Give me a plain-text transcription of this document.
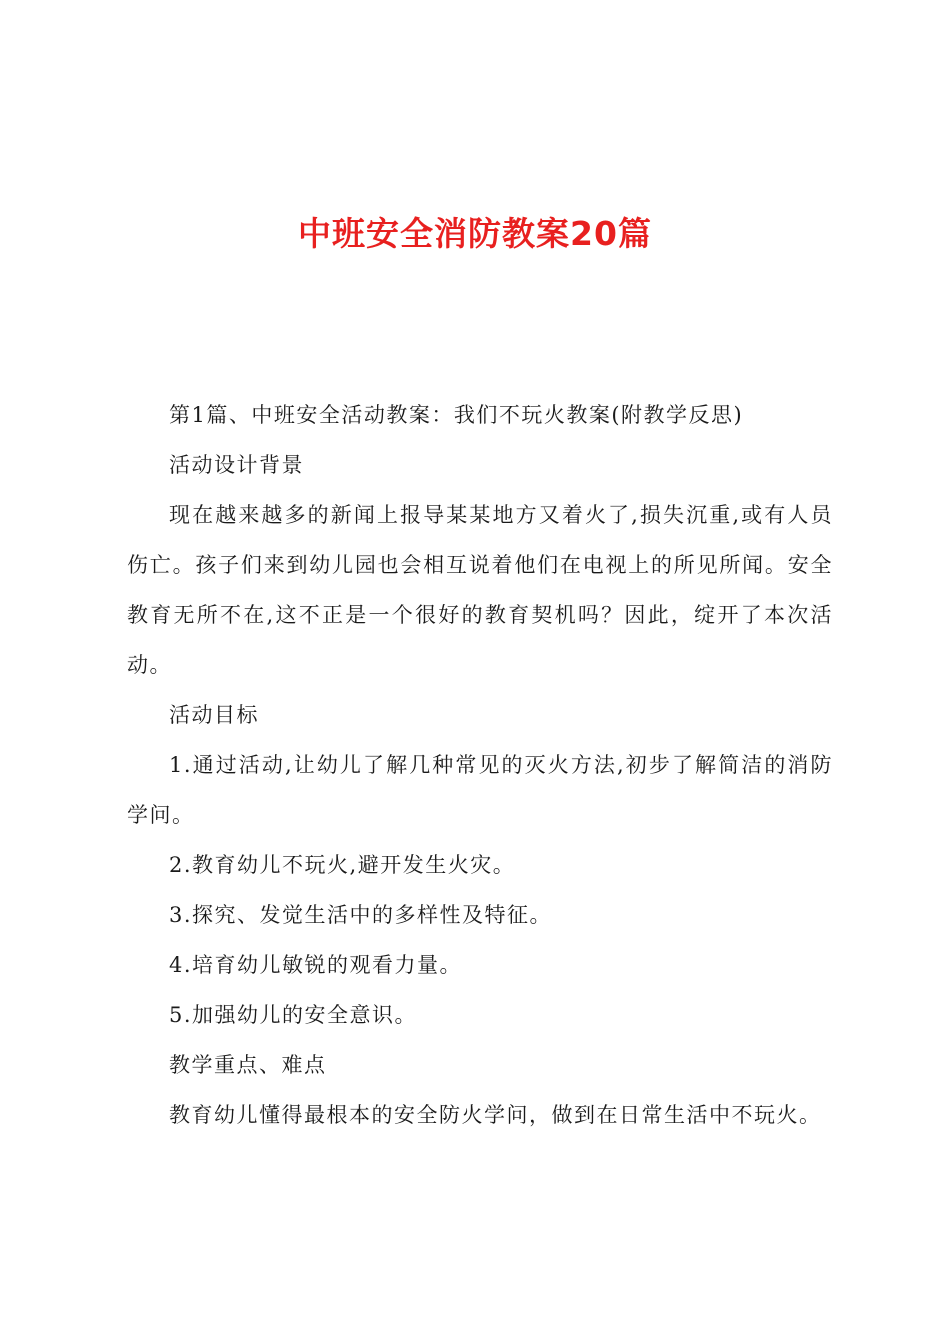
中班安全消防教案20篇

第1篇、中班安全活动教案：我们不玩火教案(附教学反思)

活动设计背景

现在越来越多的新闻上报导某某地方又着火了,损失沉重,或有人员伤亡。孩子们来到幼儿园也会相互说着他们在电视上的所见所闻。安全教育无所不在,这不正是一个很好的教育契机吗？因此，绽开了本次活动。

活动目标

1.通过活动,让幼儿了解几种常见的灭火方法,初步了解简洁的消防学问。

2.教育幼儿不玩火,避开发生火灾。

3.探究、发觉生活中的多样性及特征。

4.培育幼儿敏锐的观看力量。

5.加强幼儿的安全意识。

教学重点、难点

教育幼儿懂得最根本的安全防火学问，做到在日常生活中不玩火。
